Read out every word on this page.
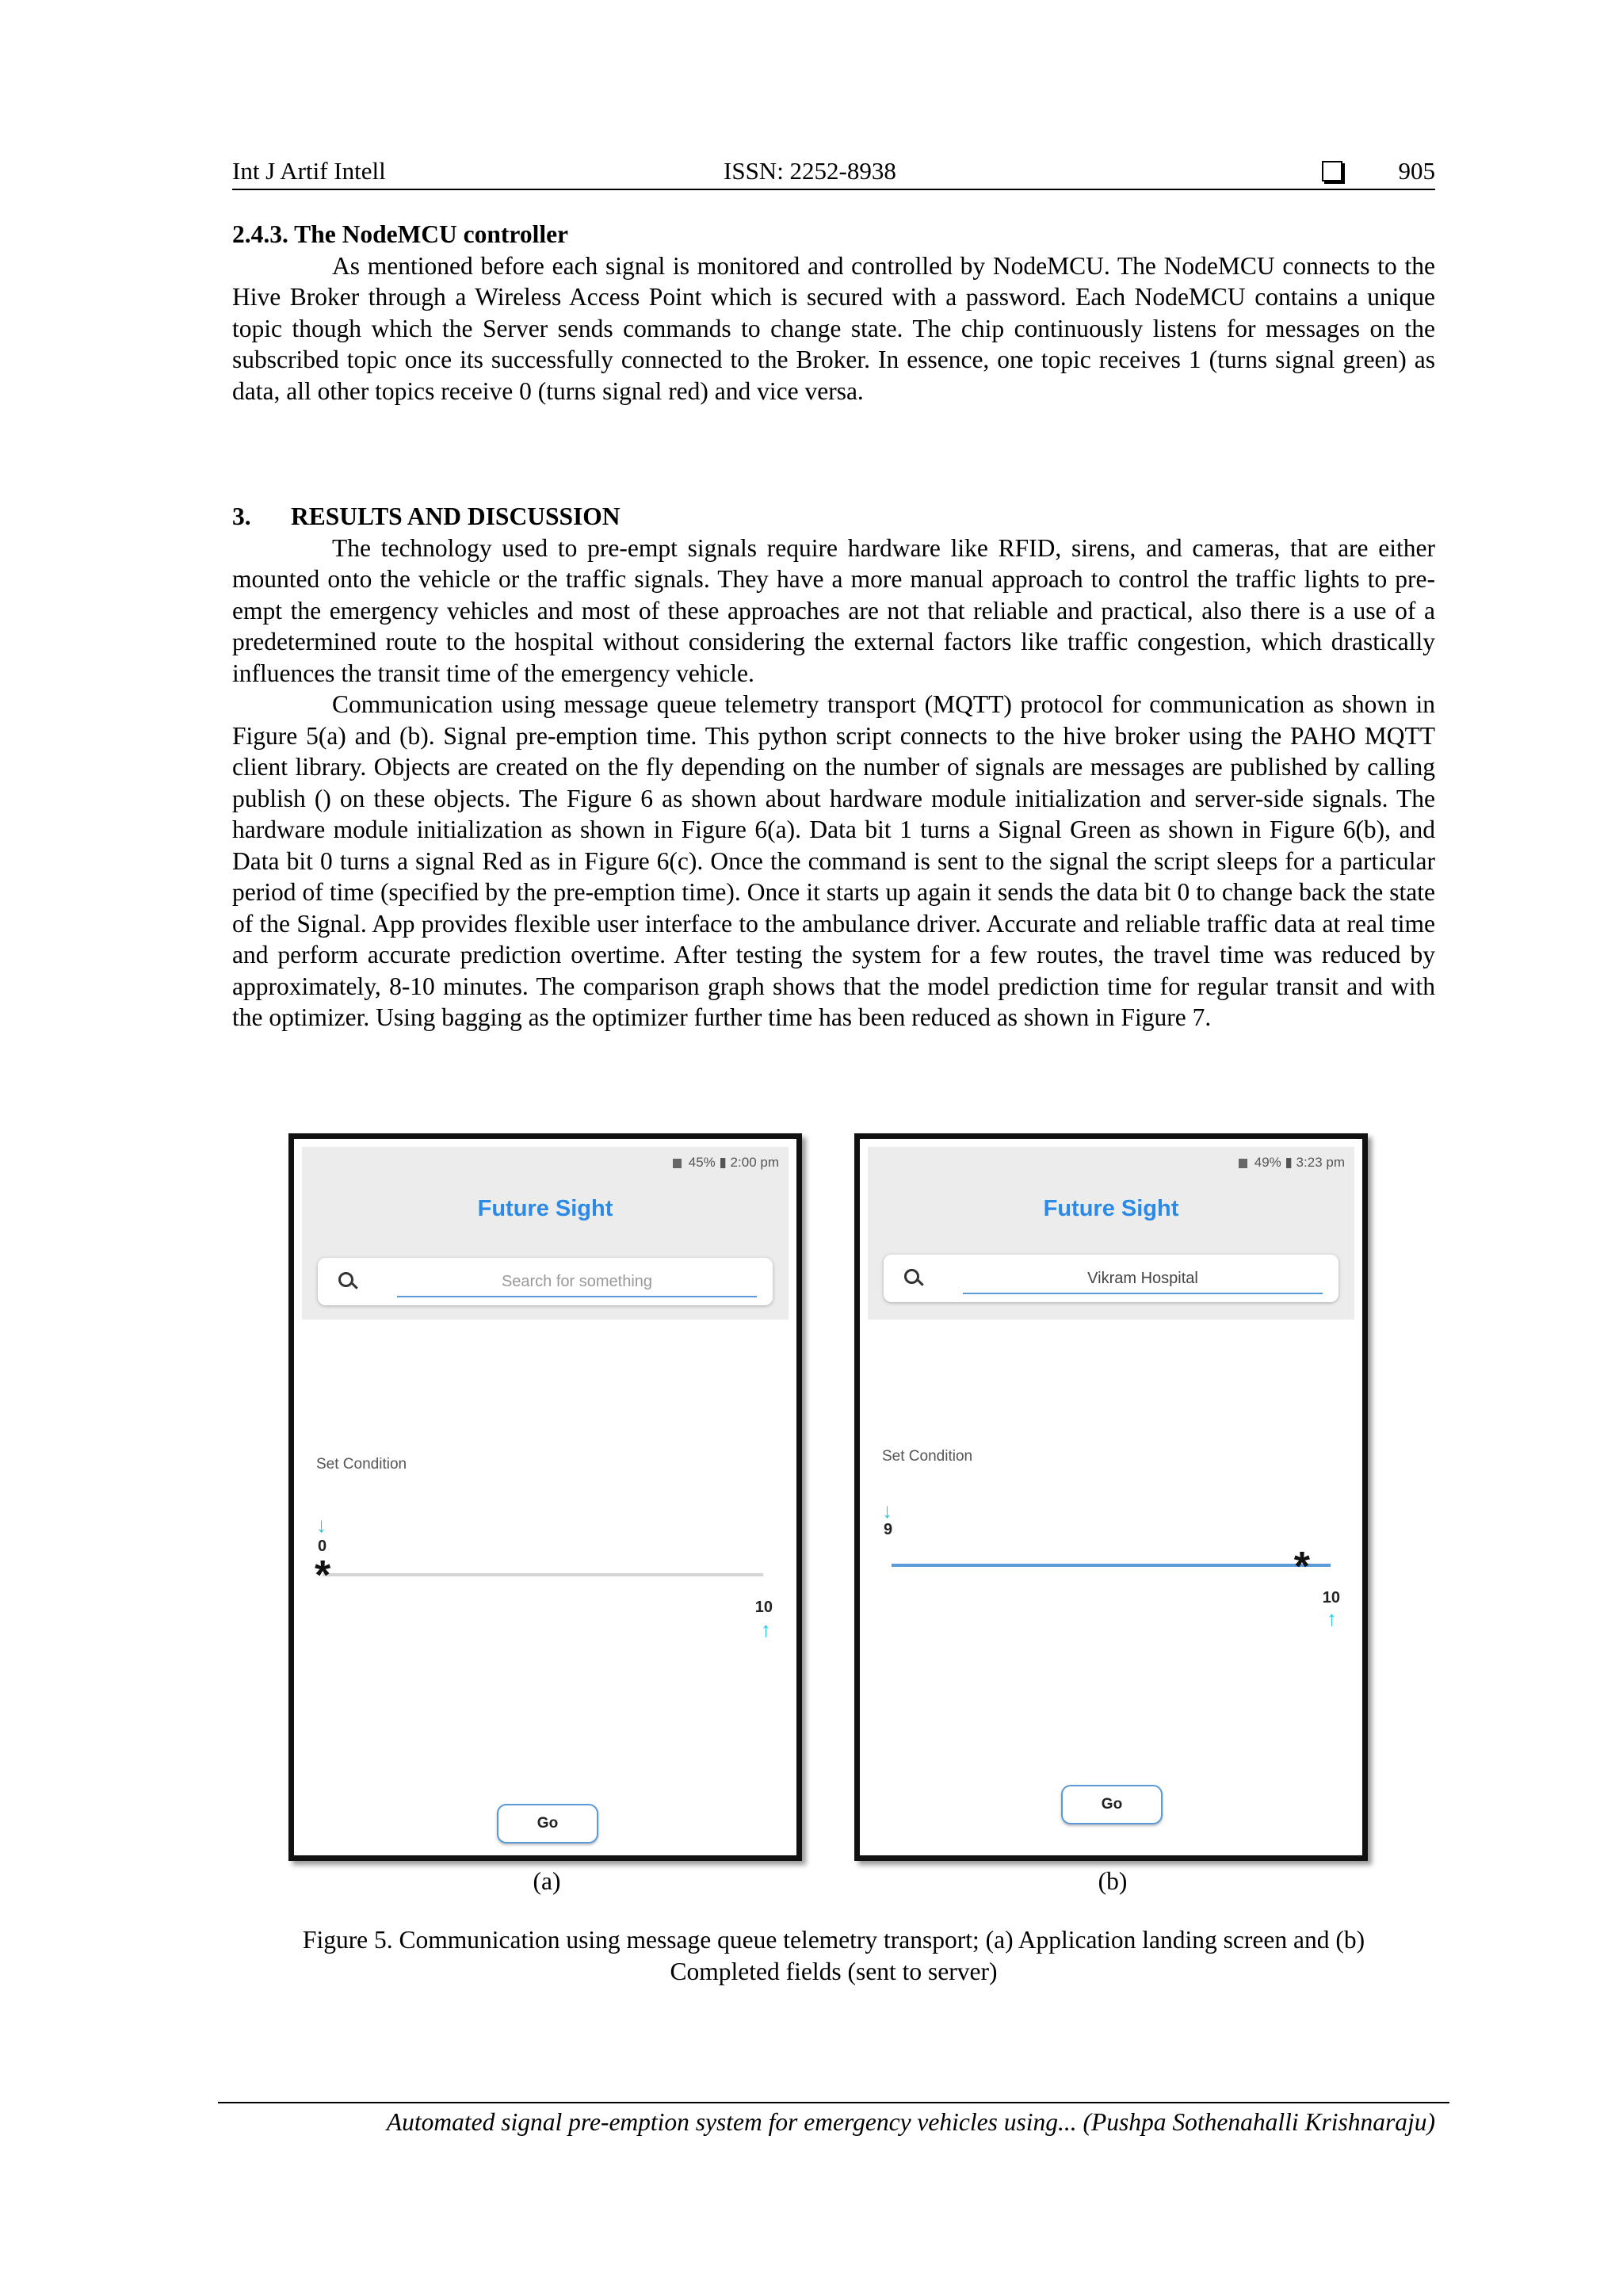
Int J Artif Intell	ISSN: 2252-8938	905

2.4.3. The NodeMCU controller

As mentioned before each signal is monitored and controlled by NodeMCU. The NodeMCU connects to the Hive Broker through a Wireless Access Point which is secured with a password. Each NodeMCU contains a unique topic though which the Server sends commands to change state. The chip continuously listens for messages on the subscribed topic once its successfully connected to the Broker. In essence, one topic receives 1 (turns signal green) as data, all other topics receive 0 (turns signal red) and vice versa.

3. RESULTS AND DISCUSSION

The technology used to pre-empt signals require hardware like RFID, sirens, and cameras, that are either mounted onto the vehicle or the traffic signals. They have a more manual approach to control the traffic lights to pre-empt the emergency vehicles and most of these approaches are not that reliable and practical, also there is a use of a predetermined route to the hospital without considering the external factors like traffic congestion, which drastically influences the transit time of the emergency vehicle.

Communication using message queue telemetry transport (MQTT) protocol for communication as shown in Figure 5(a) and (b). Signal pre-emption time. This python script connects to the hive broker using the PAHO MQTT client library. Objects are created on the fly depending on the number of signals are messages are published by calling publish () on these objects. The Figure 6 as shown about hardware module initialization and server-side signals. The hardware module initialization as shown in Figure 6(a). Data bit 1 turns a Signal Green as shown in Figure 6(b), and Data bit 0 turns a signal Red as in Figure 6(c). Once the command is sent to the signal the script sleeps for a particular period of time (specified by the pre-emption time). Once it starts up again it sends the data bit 0 to change back the state of the Signal. App provides flexible user interface to the ambulance driver. Accurate and reliable traffic data at real time and perform accurate prediction overtime. After testing the system for a few routes, the travel time was reduced by approximately, 8-10 minutes. The comparison graph shows that the model prediction time for regular transit and with the optimizer. Using bagging as the optimizer further time has been reduced as shown in Figure 7.

45% ▮ 2:00 pm
Future Sight
Search for something
Set Condition
↓
0
*
10
↑
Go
49% ▮ 3:23 pm
Future Sight
Vikram Hospital
Set Condition
↓
9
*
10
↑
Go
(a)	(b)
Figure 5. Communication using message queue telemetry transport; (a) Application landing screen and (b)
Completed fields (sent to server)
Automated signal pre-emption system for emergency vehicles using... (Pushpa Sothenahalli Krishnaraju)
